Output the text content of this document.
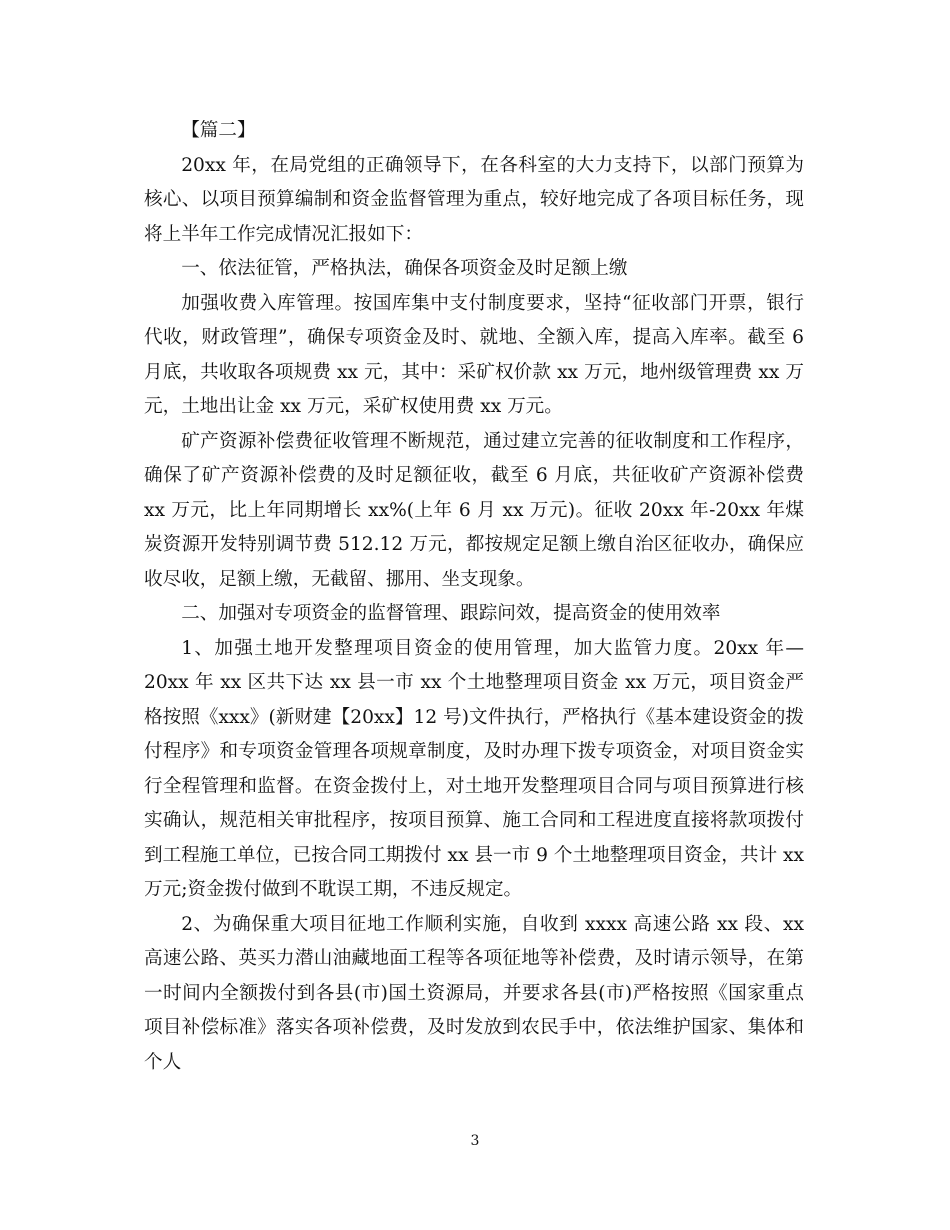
【篇二】

20xx 年，在局党组的正确领导下，在各科室的大力支持下，以部门预算为核心、以项目预算编制和资金监督管理为重点，较好地完成了各项目标任务，现将上半年工作完成情况汇报如下：

一、依法征管，严格执法，确保各项资金及时足额上缴

加强收费入库管理。按国库集中支付制度要求，坚持“征收部门开票，银行代收，财政管理”，确保专项资金及时、就地、全额入库，提高入库率。截至 6 月底，共收取各项规费 xx 元，其中：采矿权价款 xx 万元，地州级管理费 xx 万元，土地出让金 xx 万元，采矿权使用费 xx 万元。

矿产资源补偿费征收管理不断规范，通过建立完善的征收制度和工作程序，确保了矿产资源补偿费的及时足额征收，截至 6 月底，共征收矿产资源补偿费 xx 万元，比上年同期增长 xx%(上年 6 月 xx 万元)。征收 20xx 年-20xx 年煤炭资源开发特别调节费 512.12 万元，都按规定足额上缴自治区征收办，确保应收尽收，足额上缴，无截留、挪用、坐支现象。

二、加强对专项资金的监督管理、跟踪问效，提高资金的使用效率

1、加强土地开发整理项目资金的使用管理，加大监管力度。20xx 年—20xx 年 xx 区共下达 xx 县一市 xx 个土地整理项目资金 xx 万元，项目资金严格按照《xxx》(新财建【20xx】12 号)文件执行，严格执行《基本建设资金的拨付程序》和专项资金管理各项规章制度，及时办理下拨专项资金，对项目资金实行全程管理和监督。在资金拨付上，对土地开发整理项目合同与项目预算进行核实确认，规范相关审批程序，按项目预算、施工合同和工程进度直接将款项拨付到工程施工单位，已按合同工期拨付 xx 县一市 9 个土地整理项目资金，共计 xx 万元;资金拨付做到不耽误工期，不违反规定。

2、为确保重大项目征地工作顺利实施，自收到 xxxx 高速公路 xx 段、xx 高速公路、英买力潜山油藏地面工程等各项征地等补偿费，及时请示领导，在第一时间内全额拨付到各县(市)国土资源局，并要求各县(市)严格按照《国家重点项目补偿标准》落实各项补偿费，及时发放到农民手中，依法维护国家、集体和个人

3
